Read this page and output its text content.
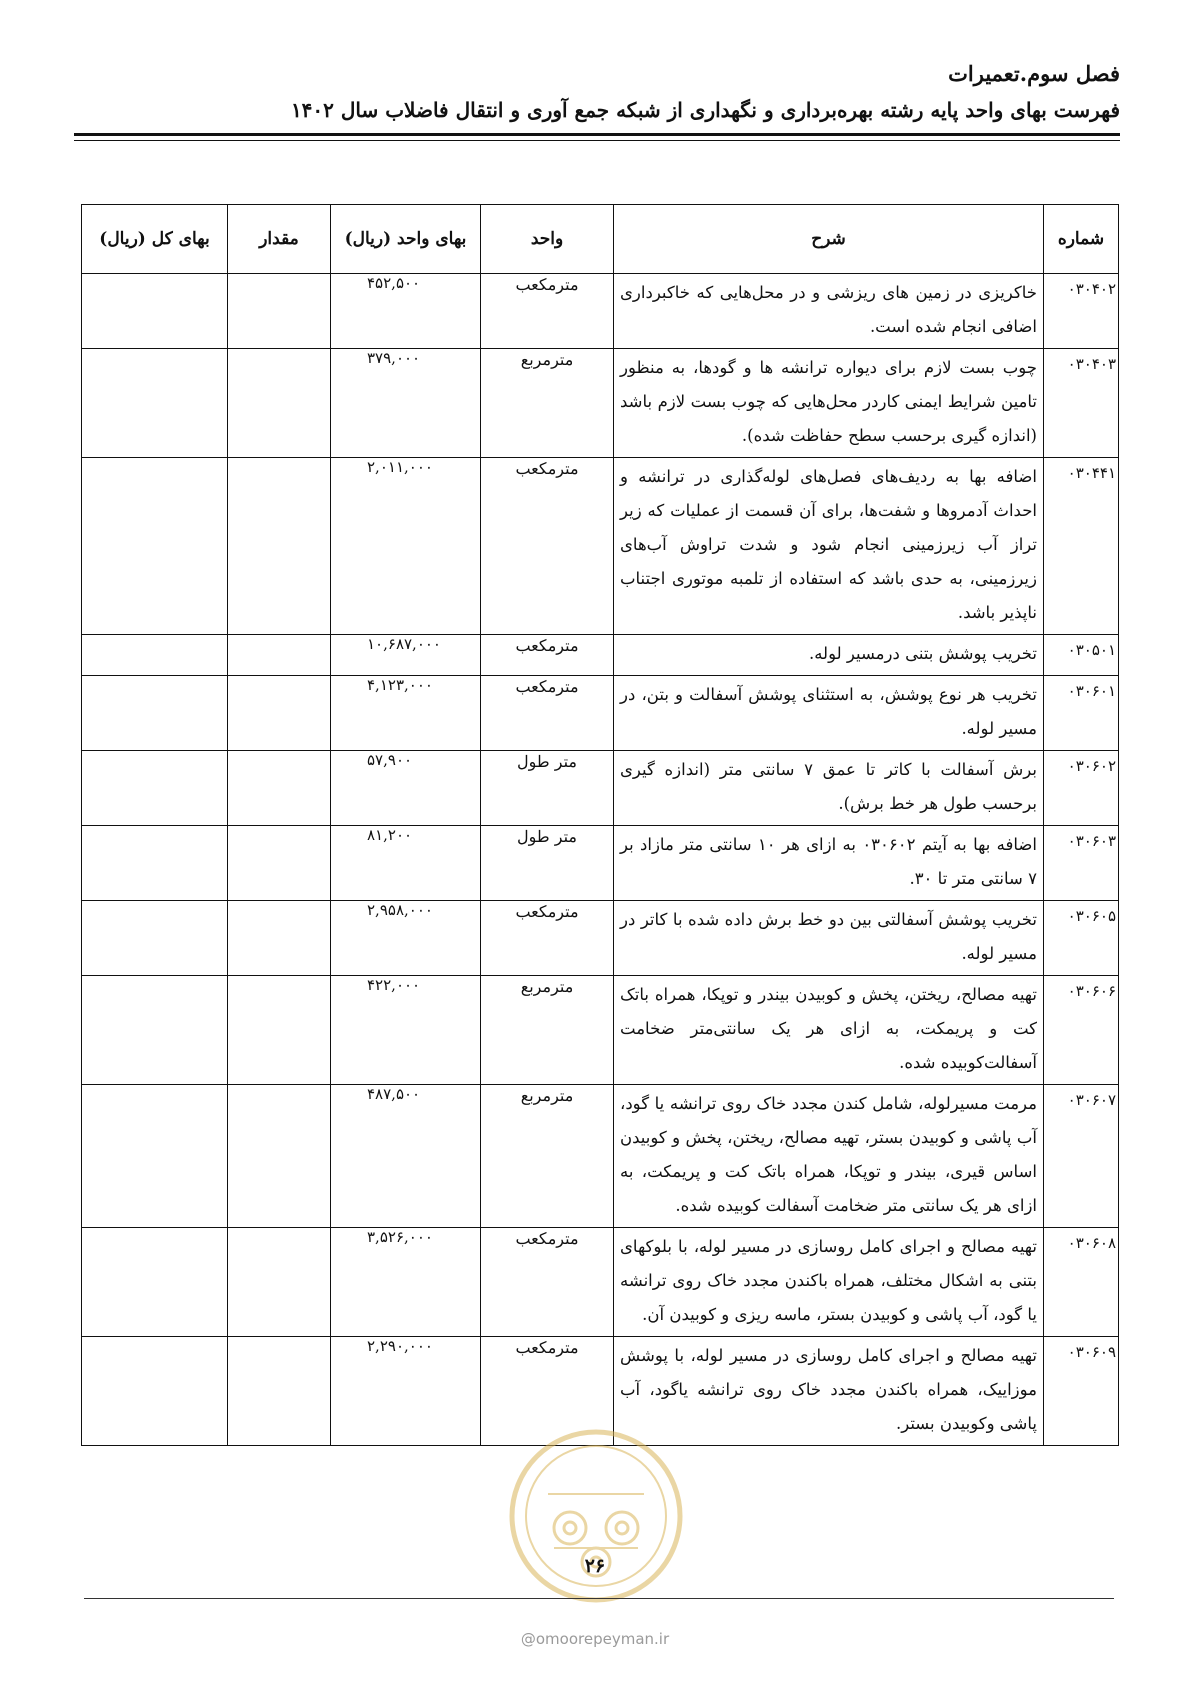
فصل سوم.تعمیرات
فهرست بهای واحد پایه رشته بهره‌برداری و نگهداری از شبکه جمع آوری و انتقال فاضلاب سال ۱۴۰۲
شماره	شرح	واحد	بهای واحد (ریال)	مقدار	بهای کل (ریال)
۰۳۰۴۰۲	خاکریزی در زمین های ریزشی و در محل‌هایی که خاکبرداری اضافی انجام شده است.	مترمکعب	۴۵۲,۵۰۰		
۰۳۰۴۰۳	چوب بست لازم برای دیواره ترانشه ها و گودها، به منظور تامین شرایط ایمنی کاردر محل‌هایی که چوب بست لازم باشد (اندازه گیری برحسب سطح حفاظت شده).	مترمربع	۳۷۹,۰۰۰		
۰۳۰۴۴۱	اضافه بها به ردیف‌های فصل‌های لوله‌گذاری در ترانشه و احداث آدمروها و شفت‌ها، برای آن قسمت از عملیات که زیر تراز آب زیرزمینی انجام شود و شدت تراوش آب‌های زیرزمینی، به حدی باشد که استفاده از تلمبه موتوری اجتناب ناپذیر باشد.	مترمکعب	۲,۰۱۱,۰۰۰		
۰۳۰۵۰۱	تخریب پوشش بتنی درمسیر لوله.	مترمکعب	۱۰,۶۸۷,۰۰۰		
۰۳۰۶۰۱	تخریب هر نوع پوشش، به استثنای پوشش آسفالت و بتن، در مسیر لوله.	مترمکعب	۴,۱۲۳,۰۰۰		
۰۳۰۶۰۲	برش آسفالت با کاتر تا عمق ۷ سانتی متر (اندازه گیری برحسب طول هر خط برش).	متر طول	۵۷,۹۰۰		
۰۳۰۶۰۳	اضافه بها به آیتم ۰۳۰۶۰۲ به ازای هر ۱۰ سانتی متر مازاد بر ۷ سانتی متر تا ۳۰.	متر طول	۸۱,۲۰۰		
۰۳۰۶۰۵	تخریب پوشش آسفالتی بین دو خط برش داده شده با کاتر در مسیر لوله.	مترمکعب	۲,۹۵۸,۰۰۰		
۰۳۰۶۰۶	تهیه مصالح، ریختن، پخش و کوبیدن بیندر و توپکا، همراه باتک کت و پریمکت، به ازای هر یک سانتی‌متر ضخامت آسفالت‌کوبیده شده.	مترمربع	۴۲۲,۰۰۰		
۰۳۰۶۰۷	مرمت مسیرلوله، شامل کندن مجدد خاک روی ترانشه یا گود، آب پاشی و کوبیدن بستر، تهیه مصالح، ریختن، پخش و کوبیدن اساس قیری، بیندر و توپکا، همراه باتک کت و پریمکت، به ازای هر یک سانتی متر ضخامت آسفالت کوبیده شده.	مترمربع	۴۸۷,۵۰۰		
۰۳۰۶۰۸	تهیه مصالح و اجرای کامل روسازی در مسیر لوله، با بلوکهای بتنی به اشکال مختلف، همراه باکندن مجدد خاک روی ترانشه یا گود، آب پاشی و کوبیدن بستر، ماسه ریزی و کوبیدن آن.	مترمکعب	۳,۵۲۶,۰۰۰		
۰۳۰۶۰۹	تهیه مصالح و اجرای کامل روسازی در مسیر لوله، با پوشش موزاییک، همراه باکندن مجدد خاک روی ترانشه یاگود، آب پاشی وکوبیدن بستر.	مترمکعب	۲,۲۹۰,۰۰۰		
۲۶
@omoorepeyman.ir
